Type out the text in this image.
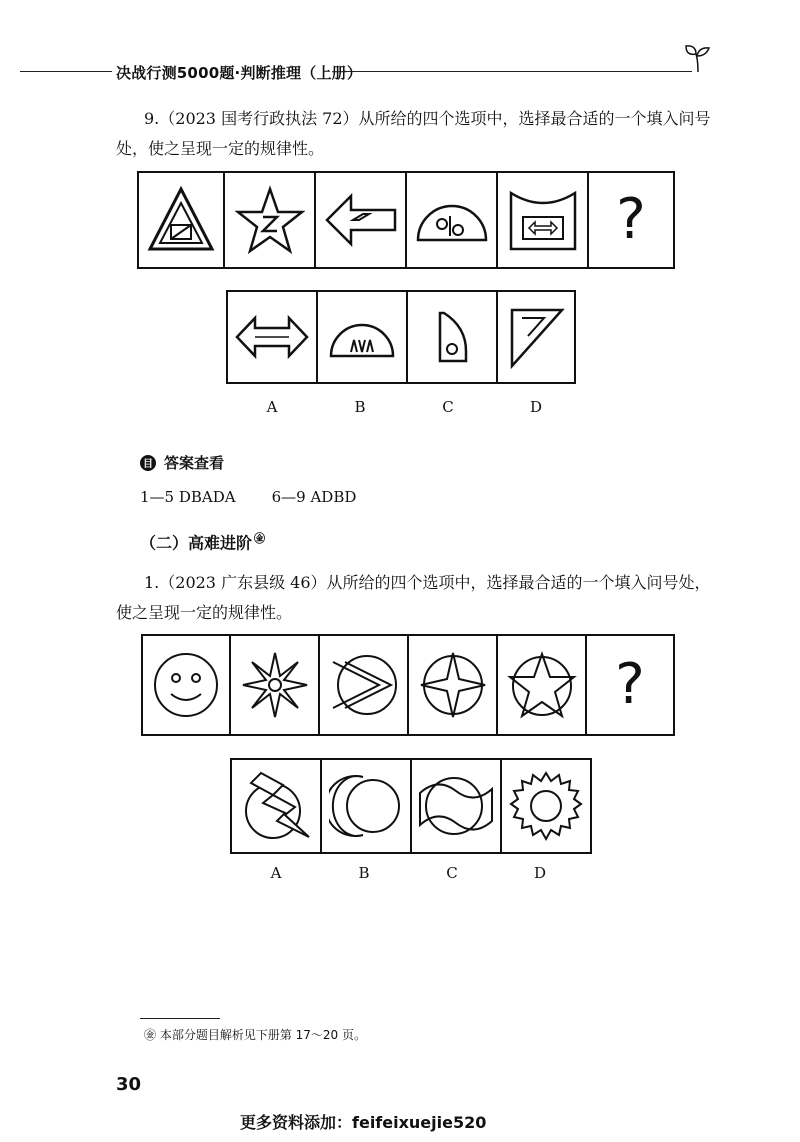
决战行测5000题·判断推理（上册）
9.（2023 国考行政执法 72）从所给的四个选项中，选择最合适的一个填入问号处，使之呈现一定的规律性。
?
A	B	C	D
目 答案查看
1—5 DBADA 6—9 ADBD
（二）高难进阶 ㊎
1.（2023 广东县级 46）从所给的四个选项中，选择最合适的一个填入问号处，使之呈现一定的规律性。
?
A	B	C	D
㊎ 本部分题目解析见下册第 17～20 页。
30
更多资料添加：feifeixuejie520
